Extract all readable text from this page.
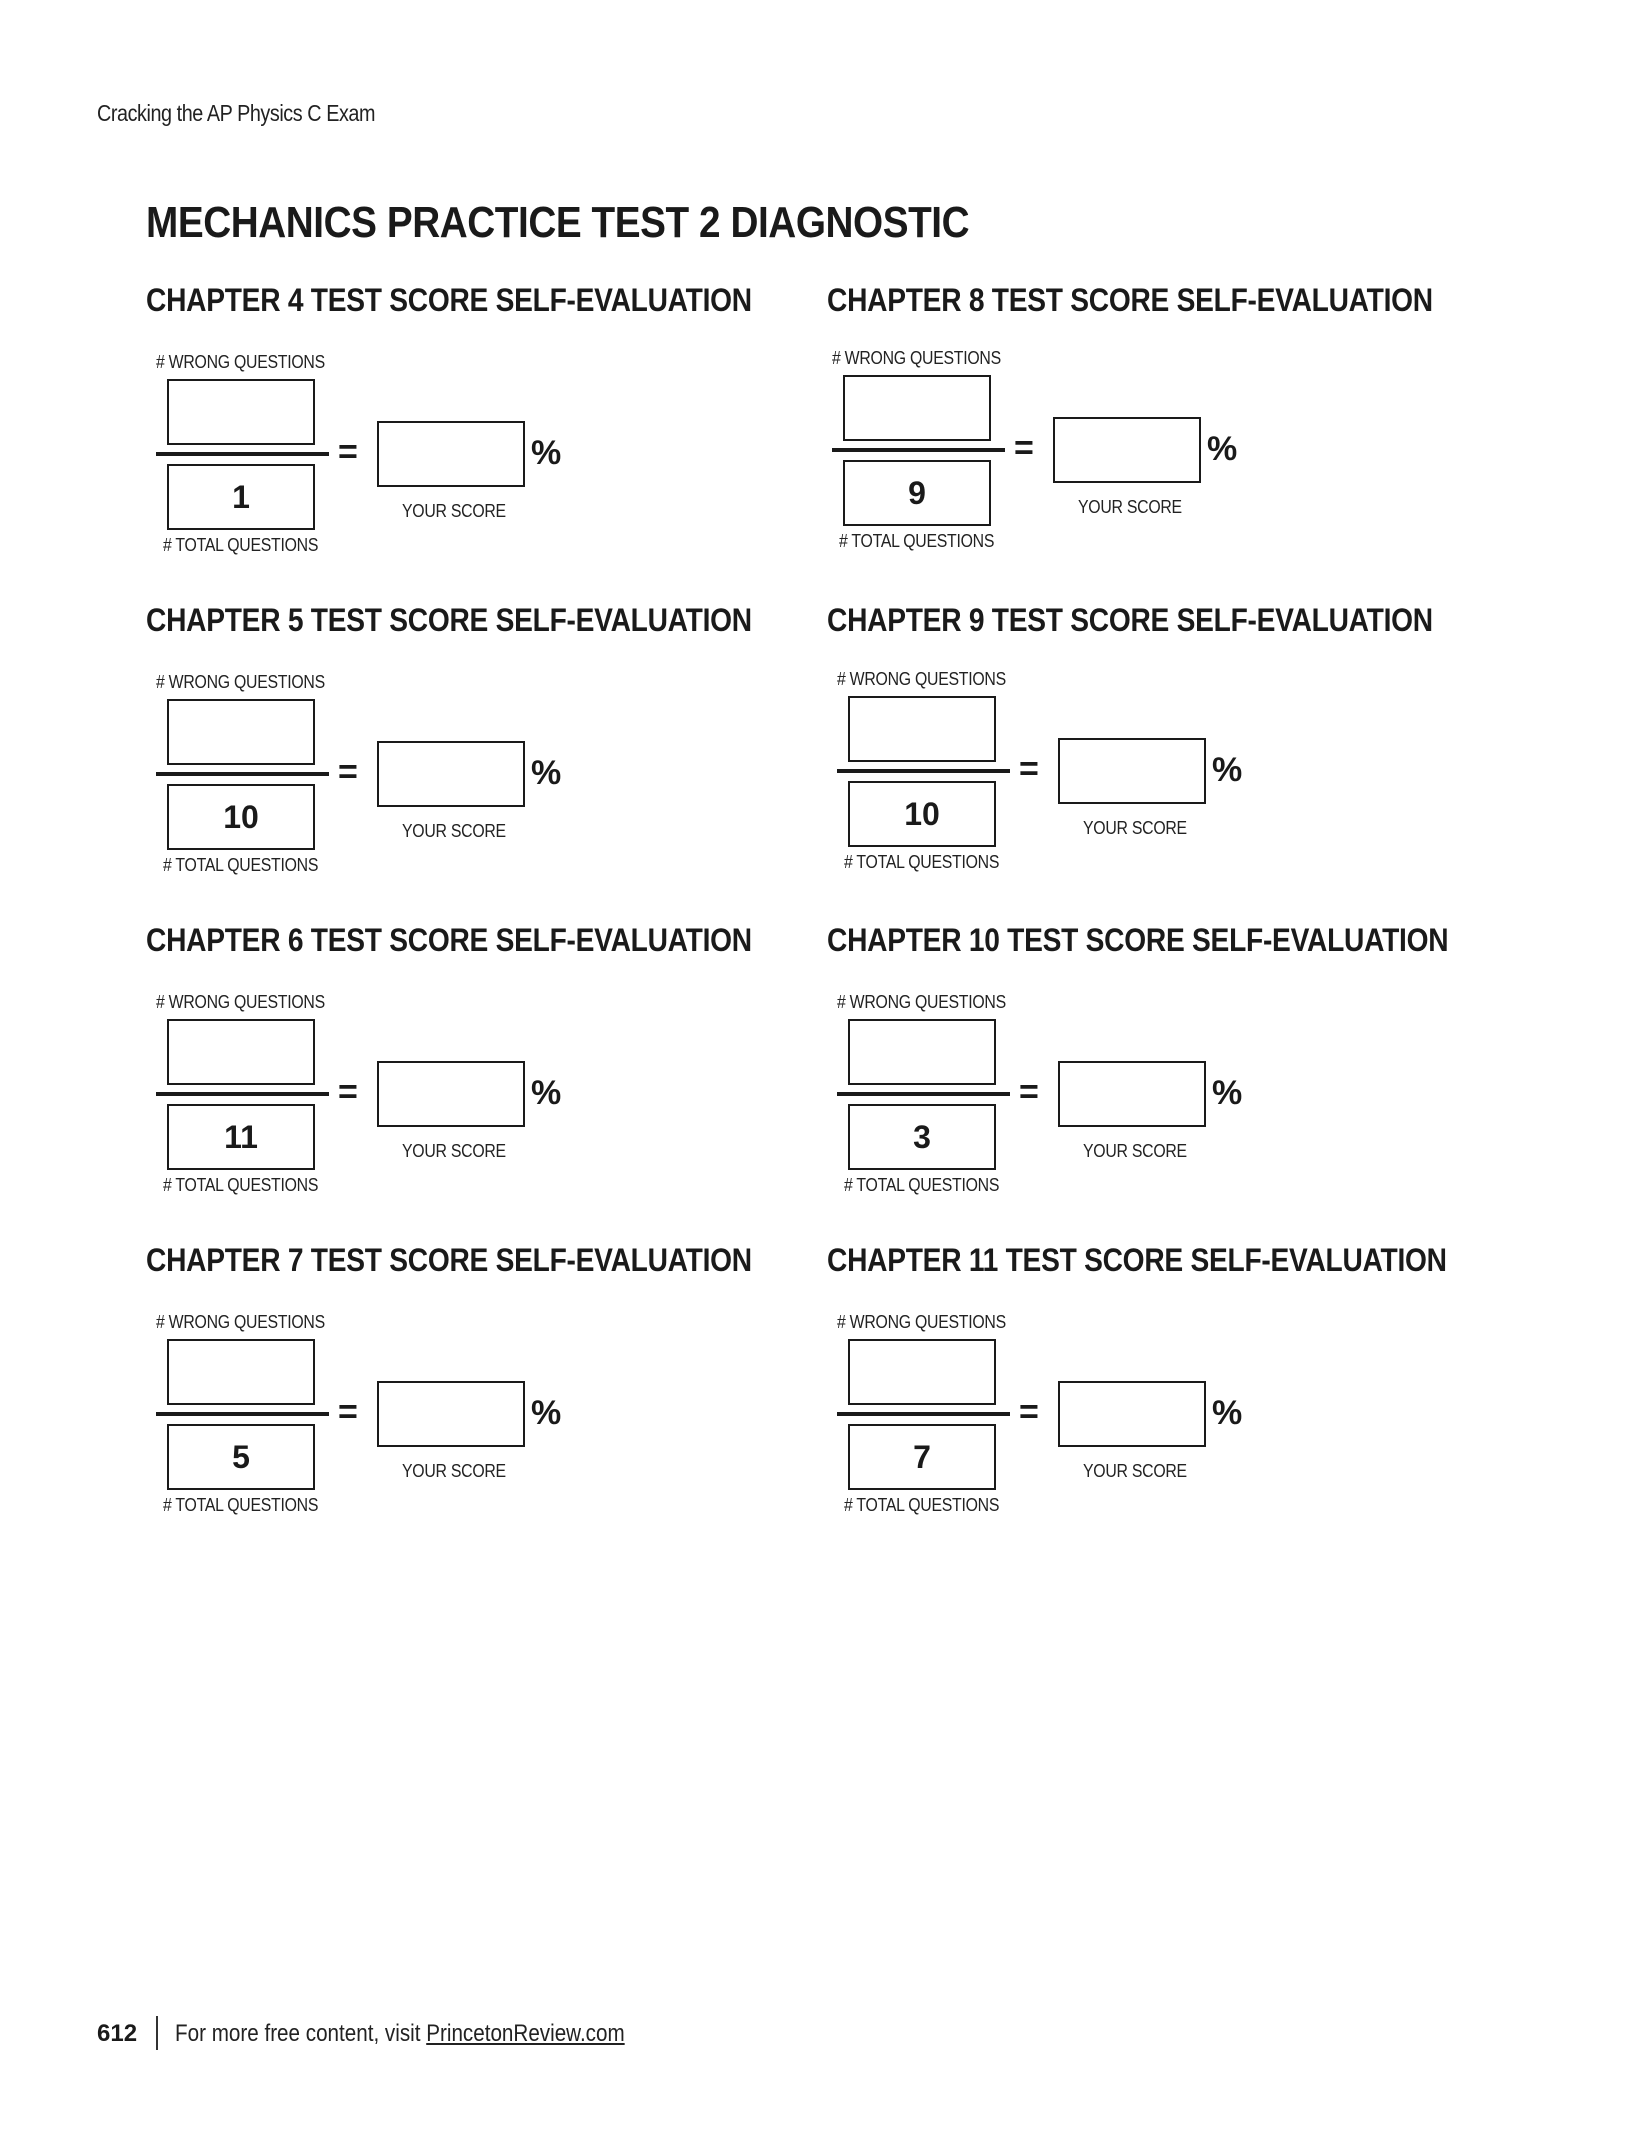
Cracking the AP Physics C Exam
MECHANICS PRACTICE TEST 2 DIAGNOSTIC
CHAPTER 4 TEST SCORE SELF-EVALUATION
# WRONG QUESTIONS
1
# TOTAL QUESTIONS
=	%
YOUR SCORE
CHAPTER 8 TEST SCORE SELF-EVALUATION
# WRONG QUESTIONS
9
# TOTAL QUESTIONS
=	%
YOUR SCORE
CHAPTER 5 TEST SCORE SELF-EVALUATION
# WRONG QUESTIONS
10
# TOTAL QUESTIONS
=	%
YOUR SCORE
CHAPTER 9 TEST SCORE SELF-EVALUATION
# WRONG QUESTIONS
10
# TOTAL QUESTIONS
=	%
YOUR SCORE
CHAPTER 6 TEST SCORE SELF-EVALUATION
# WRONG QUESTIONS
11
# TOTAL QUESTIONS
=	%
YOUR SCORE
CHAPTER 10 TEST SCORE SELF-EVALUATION
# WRONG QUESTIONS
3
# TOTAL QUESTIONS
=	%
YOUR SCORE
CHAPTER 7 TEST SCORE SELF-EVALUATION
# WRONG QUESTIONS
5
# TOTAL QUESTIONS
=	%
YOUR SCORE
CHAPTER 11 TEST SCORE SELF-EVALUATION
# WRONG QUESTIONS
7
# TOTAL QUESTIONS
=	%
YOUR SCORE
612 For more free content, visit PrincetonReview.com
